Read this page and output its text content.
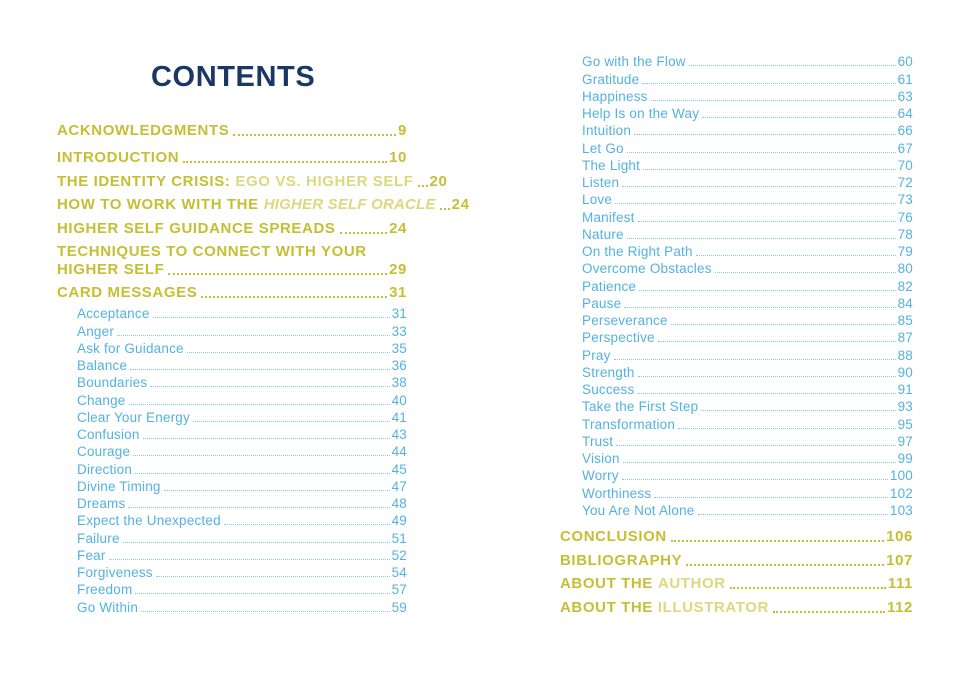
CONTENTS
ACKNOWLEDGMENTS	9
INTRODUCTION	10
THE IDENTITY CRISIS: EGO VS. HIGHER SELF 20
HOW TO WORK WITH THE HIGHER SELF ORACLE 24
HIGHER SELF GUIDANCE SPREADS	24
TECHNIQUES TO CONNECT WITH YOUR
HIGHER SELF	29
CARD MESSAGES	31
Acceptance	31
Anger	33
Ask for Guidance	35
Balance	36
Boundaries	38
Change	40
Clear Your Energy	41
Confusion	43
Courage	44
Direction	45
Divine Timing	47
Dreams	48
Expect the Unexpected	49
Failure	51
Fear	52
Forgiveness	54
Freedom	57
Go Within	59
Go with the Flow	60
Gratitude	61
Happiness	63
Help Is on the Way	64
Intuition	66
Let Go	67
The Light	70
Listen	72
Love	73
Manifest	76
Nature	78
On the Right Path	79
Overcome Obstacles	80
Patience	82
Pause	84
Perseverance	85
Perspective	87
Pray	88
Strength	90
Success	91
Take the First Step	93
Transformation	95
Trust	97
Vision	99
Worry	100
Worthiness	102
You Are Not Alone	103
CONCLUSION	106
BIBLIOGRAPHY	107
ABOUT THE AUTHOR	111
ABOUT THE ILLUSTRATOR	112
